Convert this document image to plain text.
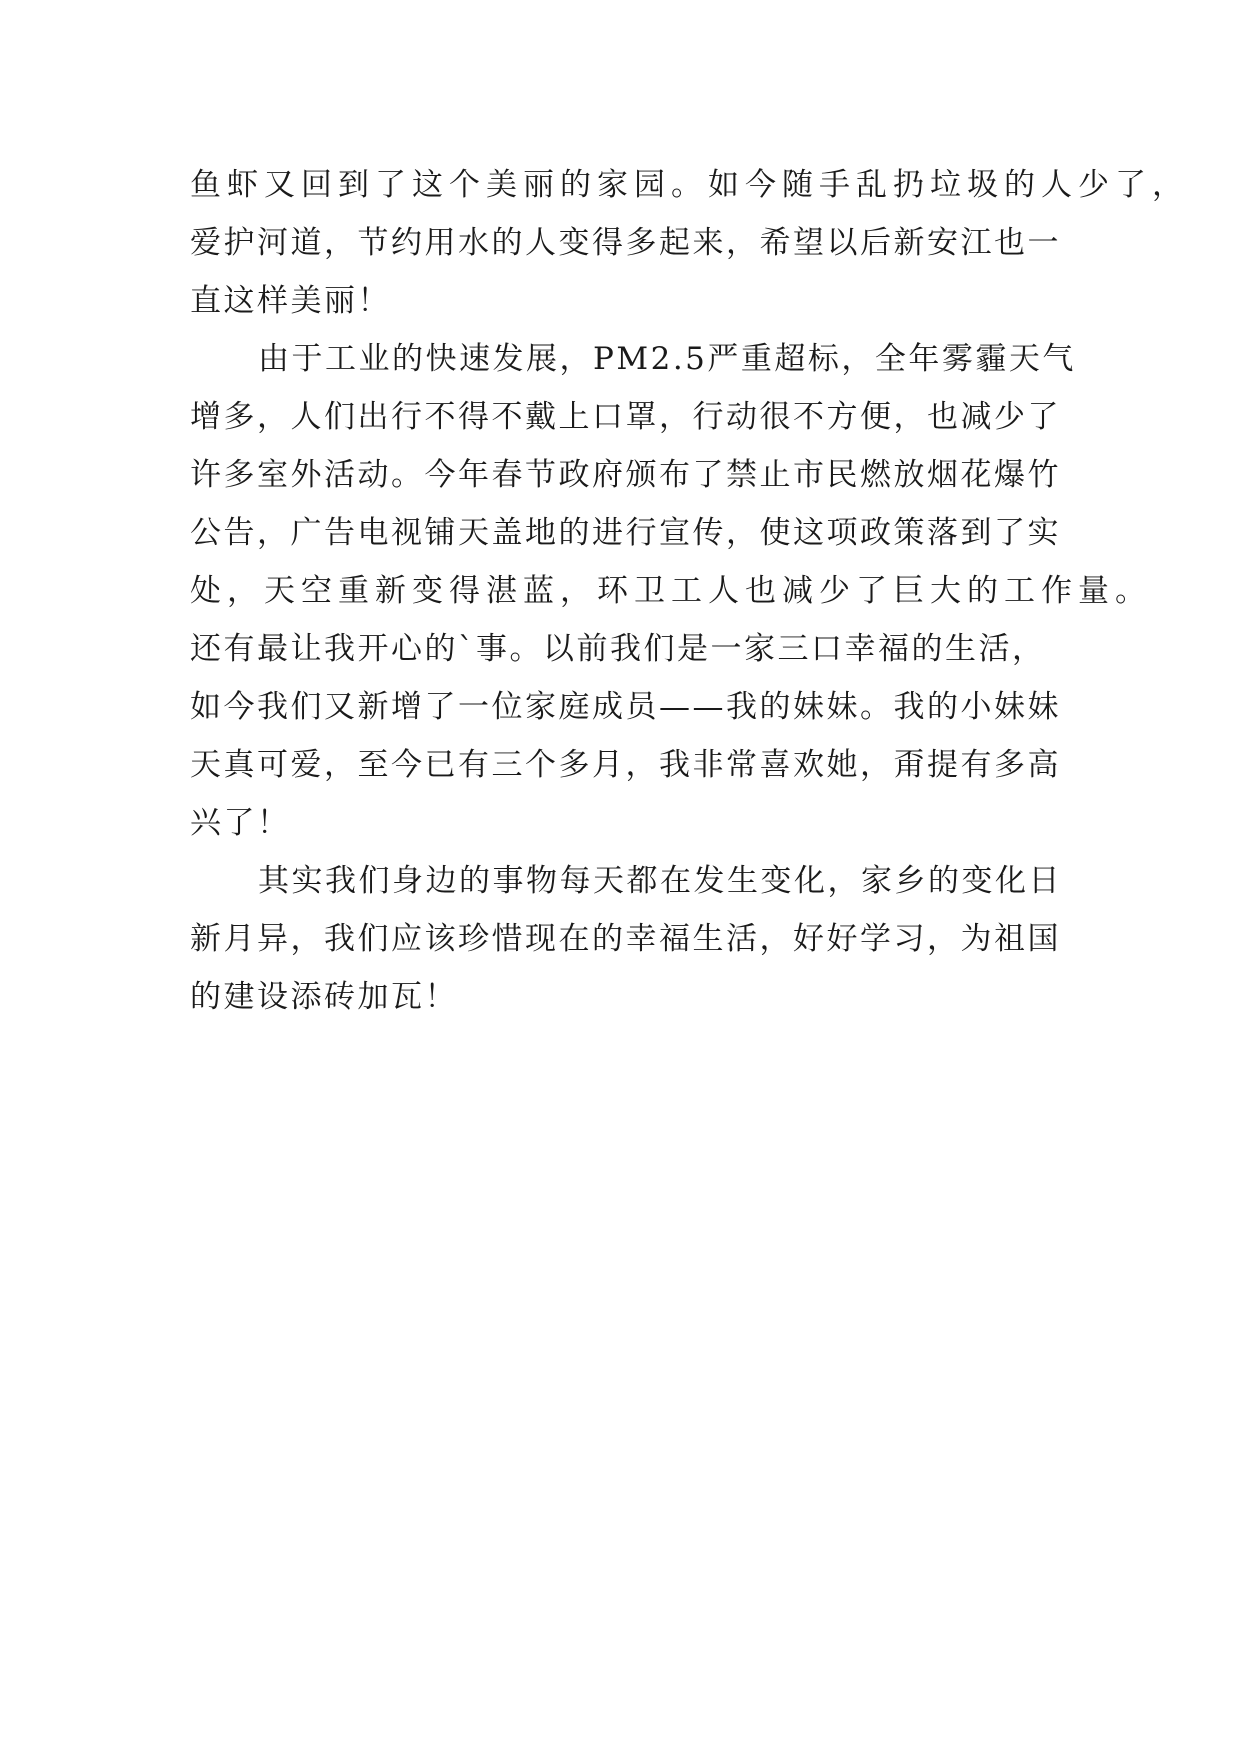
鱼虾又回到了这个美丽的家园。如今随手乱扔垃圾的人少了，
爱护河道，节约用水的人变得多起来，希望以后新安江也一
直这样美丽！
由于工业的快速发展，PM2.5严重超标，全年雾霾天气
增多，人们出行不得不戴上口罩，行动很不方便，也减少了
许多室外活动。今年春节政府颁布了禁止市民燃放烟花爆竹
公告，广告电视铺天盖地的进行宣传，使这项政策落到了实
处，天空重新变得湛蓝，环卫工人也减少了巨大的工作量。
还有最让我开心的`事。以前我们是一家三口幸福的生活，
如今我们又新增了一位家庭成员——我的妹妹。我的小妹妹
天真可爱，至今已有三个多月，我非常喜欢她，甭提有多高
兴了！
其实我们身边的事物每天都在发生变化，家乡的变化日
新月异，我们应该珍惜现在的幸福生活，好好学习，为祖国
的建设添砖加瓦！
